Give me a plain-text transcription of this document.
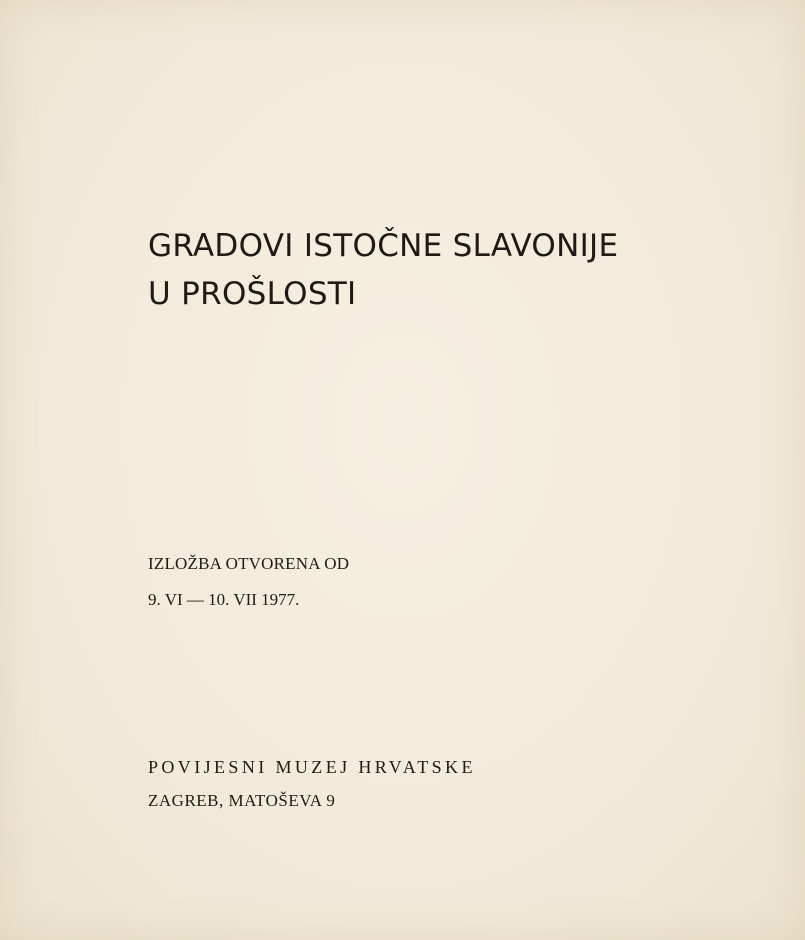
GRADOVI ISTOČNE SLAVONIJE
U PROŠLOSTI
IZLOŽBA OTVORENA OD
9. VI — 10. VII 1977.
POVIJESNI MUZEJ HRVATSKE
ZAGREB, MATOŠEVA 9
